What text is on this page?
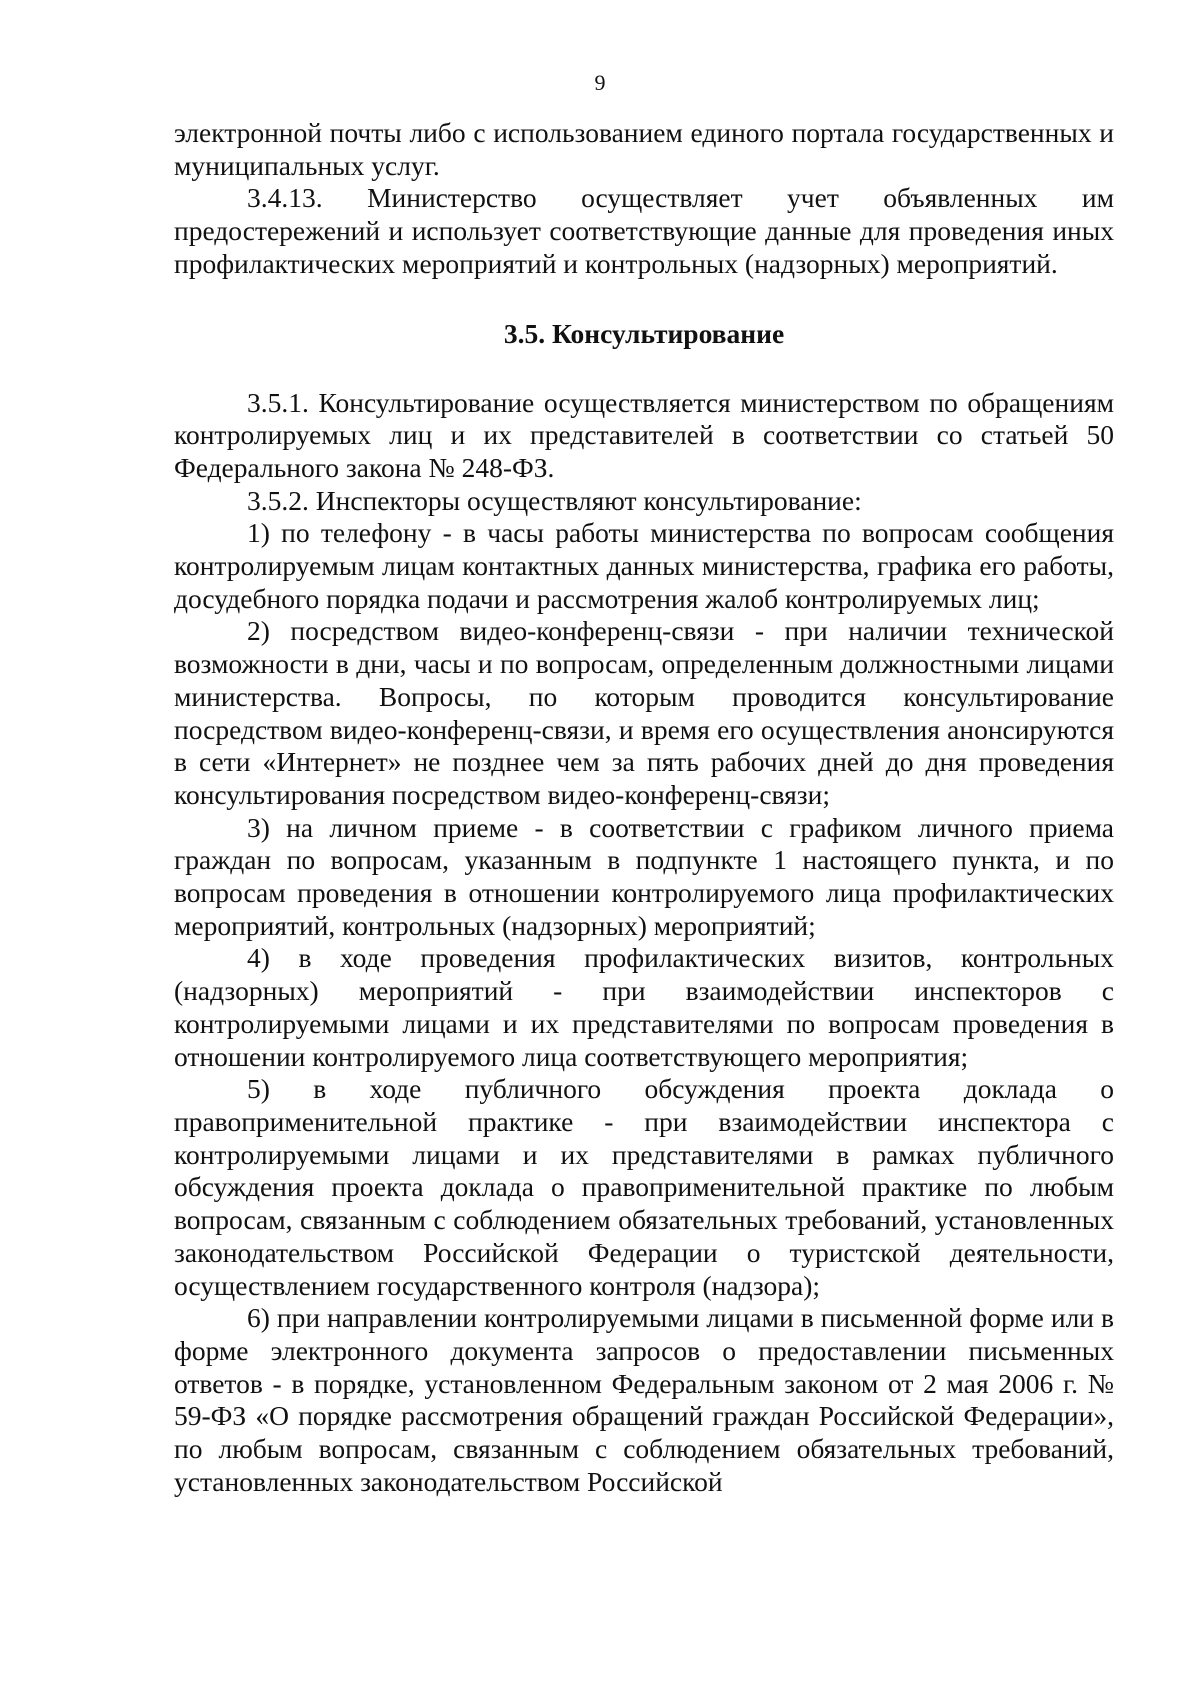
9

электронной почты либо с использованием единого портала государственных и муниципальных услуг.

3.4.13. Министерство осуществляет учет объявленных им предостережений и использует соответствующие данные для проведения иных профилактических мероприятий и контрольных (надзорных) мероприятий.

3.5. Консультирование

3.5.1. Консультирование осуществляется министерством по обращениям контролируемых лиц и их представителей в соответствии со статьей 50 Федерального закона № 248-ФЗ.

3.5.2. Инспекторы осуществляют консультирование:

1) по телефону - в часы работы министерства по вопросам сообщения контролируемым лицам контактных данных министерства, графика его работы, досудебного порядка подачи и рассмотрения жалоб контролируемых лиц;

2) посредством видео-конференц-связи - при наличии технической возможности в дни, часы и по вопросам, определенным должностными лицами министерства. Вопросы, по которым проводится консультирование посредством видео-конференц-связи, и время его осуществления анонсируются в сети «Интернет» не позднее чем за пять рабочих дней до дня проведения консультирования посредством видео-конференц-связи;

3) на личном приеме - в соответствии с графиком личного приема граждан по вопросам, указанным в подпункте 1 настоящего пункта, и по вопросам проведения в отношении контролируемого лица профилактических мероприятий, контрольных (надзорных) мероприятий;

4) в ходе проведения профилактических визитов, контрольных (надзорных) мероприятий - при взаимодействии инспекторов с контролируемыми лицами и их представителями по вопросам проведения в отношении контролируемого лица соответствующего мероприятия;

5) в ходе публичного обсуждения проекта доклада о правоприменительной практике - при взаимодействии инспектора с контролируемыми лицами и их представителями в рамках публичного обсуждения проекта доклада о правоприменительной практике по любым вопросам, связанным с соблюдением обязательных требований, установленных законодательством Российской Федерации о туристской деятельности, осуществлением государственного контроля (надзора);

6) при направлении контролируемыми лицами в письменной форме или в форме электронного документа запросов о предоставлении письменных ответов - в порядке, установленном Федеральным законом от 2 мая 2006 г. № 59-ФЗ «О порядке рассмотрения обращений граждан Российской Федерации», по любым вопросам, связанным с соблюдением обязательных требований, установленных законодательством Российской
